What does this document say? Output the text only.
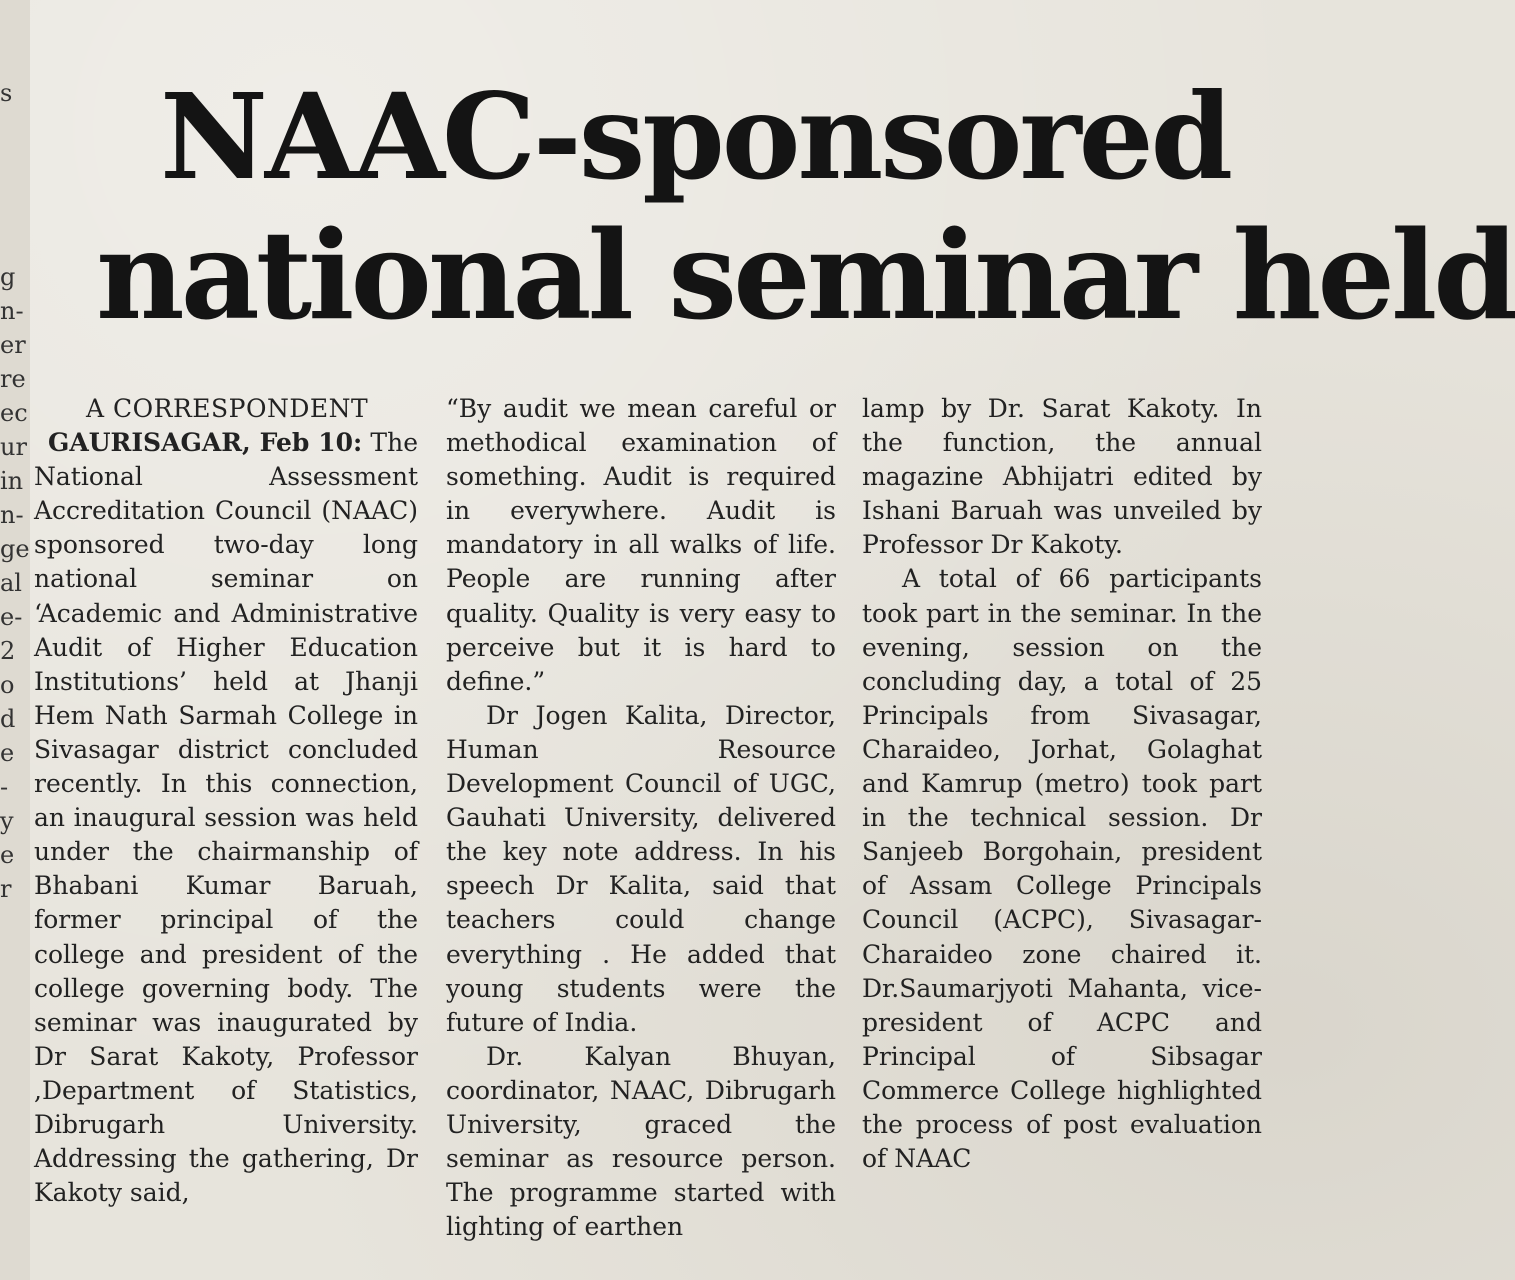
s
g
n-
er
re
ec
ur
in
n-
ge
al
e-
2
o
d
e
-
y
e
r
NAAC-sponsored
national seminar held

A CORRESPONDENT

GAURISAGAR, Feb 10: The National Assessment Accreditation Council (NAAC) sponsored two-day long national seminar on ‘Academic and Administrative Audit of Higher Education Institutions’ held at Jhanji Hem Nath Sarmah College in Sivasagar district concluded recently. In this connection, an inaugural session was held under the chairmanship of Bhabani Kumar Baruah, former principal of the college and president of the college governing body. The seminar was inaugurated by Dr Sarat Kakoty, Professor ,Department of Statistics, Dibrugarh University. Addressing the gathering, Dr Kakoty said,

“By audit we mean careful or methodical examination of something. Audit is required in everywhere. Audit is mandatory in all walks of life. People are running after quality. Quality is very easy to perceive but it is hard to define.”

Dr Jogen Kalita, Director, Human Resource Development Council of UGC, Gauhati University, delivered the key note address. In his speech Dr Kalita, said that teachers could change everything . He added that young students were the future of India.

Dr. Kalyan Bhuyan, coordinator, NAAC, Dibrugarh University, graced the seminar as resource person. The programme started with lighting of earthen

lamp by Dr. Sarat Kakoty. In the function, the annual magazine Abhijatri edited by Ishani Baruah was unveiled by Professor Dr Kakoty.

A total of 66 participants took part in the seminar. In the evening, session on the concluding day, a total of 25 Principals from Sivasagar, Charaideo, Jorhat, Golaghat and Kamrup (metro) took part in the technical session. Dr Sanjeeb Borgohain, president of Assam College Principals Council (ACPC), Sivasagar-Charaideo zone chaired it. Dr.Saumarjyoti Mahanta, vice-president of ACPC and Principal of Sibsagar Commerce College highlighted the process of post evaluation of NAAC
